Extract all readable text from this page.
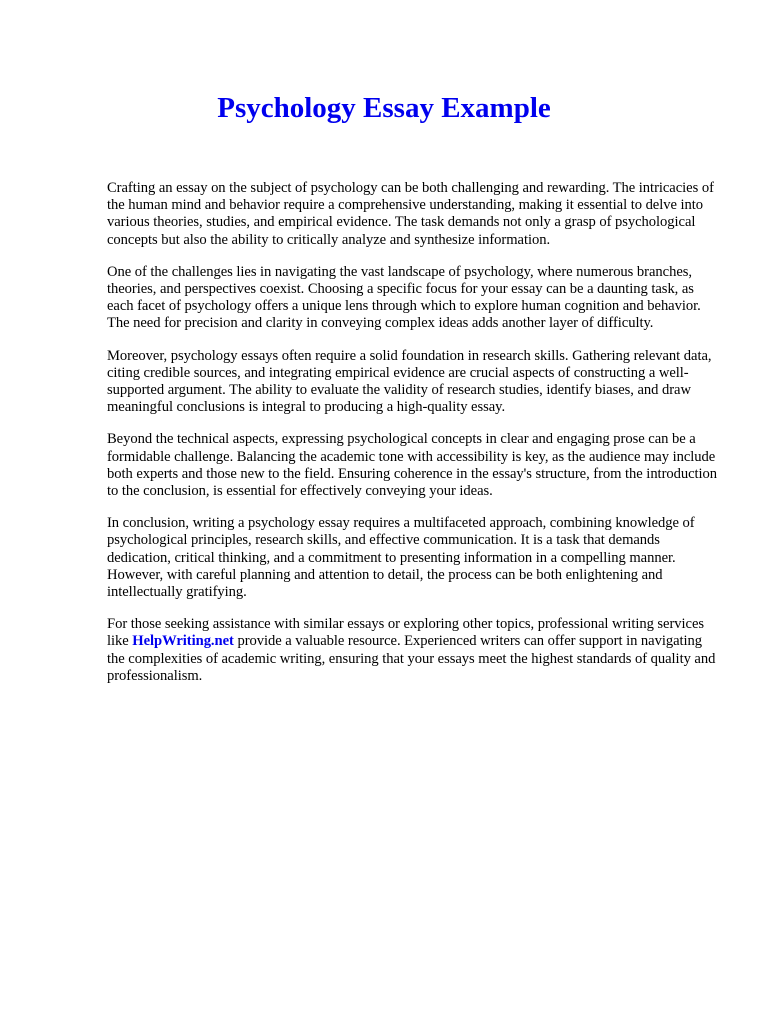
Psychology Essay Example

Crafting an essay on the subject of psychology can be both challenging and rewarding. The intricacies of the human mind and behavior require a comprehensive understanding, making it essential to delve into various theories, studies, and empirical evidence. The task demands not only a grasp of psychological concepts but also the ability to critically analyze and synthesize information.

One of the challenges lies in navigating the vast landscape of psychology, where numerous branches, theories, and perspectives coexist. Choosing a specific focus for your essay can be a daunting task, as each facet of psychology offers a unique lens through which to explore human cognition and behavior. The need for precision and clarity in conveying complex ideas adds another layer of difficulty.

Moreover, psychology essays often require a solid foundation in research skills. Gathering relevant data, citing credible sources, and integrating empirical evidence are crucial aspects of constructing a well-supported argument. The ability to evaluate the validity of research studies, identify biases, and draw meaningful conclusions is integral to producing a high-quality essay.

Beyond the technical aspects, expressing psychological concepts in clear and engaging prose can be a formidable challenge. Balancing the academic tone with accessibility is key, as the audience may include both experts and those new to the field. Ensuring coherence in the essay's structure, from the introduction to the conclusion, is essential for effectively conveying your ideas.

In conclusion, writing a psychology essay requires a multifaceted approach, combining knowledge of psychological principles, research skills, and effective communication. It is a task that demands dedication, critical thinking, and a commitment to presenting information in a compelling manner. However, with careful planning and attention to detail, the process can be both enlightening and intellectually gratifying.

For those seeking assistance with similar essays or exploring other topics, professional writing services like HelpWriting.net provide a valuable resource. Experienced writers can offer support in navigating the complexities of academic writing, ensuring that your essays meet the highest standards of quality and professionalism.
